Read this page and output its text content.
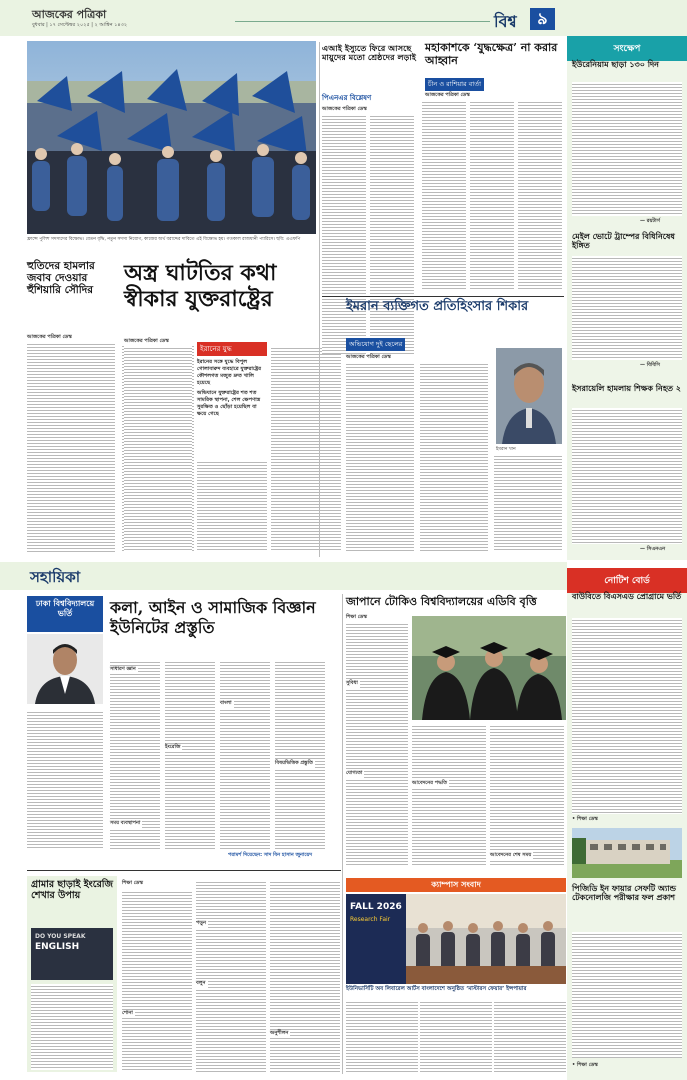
আজকের পত্রিকা
বুধবার | ১৭ সেপ্টেম্বর ২০২৫ | ২ আশ্বিন ১৪৩২	বিশ্ব	৯
ফ্রান্সে পুলিশ সদস্যদের বিক্ষোভ। বেতন বৃদ্ধি, নতুন সদস্য নিয়োগ, কাজের অর্থ বরাদ্দের দাবিতে এই বিক্ষোভ হয়। গতকাল রাজধানী প্যারিসে। ছবি: এএফপি
হুতিদের হামলার জবাব দেওয়ার হুঁশিয়ারি সৌদির
আজকের পত্রিকা ডেস্ক
অস্ত্র ঘাটতির কথা স্বীকার যুক্তরাষ্ট্রের
আজকের পত্রিকা ডেস্ক
ইরানের যুদ্ধ
ইরানের সঙ্গে যুদ্ধে বিপুল গোলাবারুদ ব্যবহারে যুক্তরাষ্ট্রের কৌশলগত মজুত দ্রুত খালি হয়েছে
অভিযানে যুক্তরাষ্ট্রের শত শত সামরিক স্থাপনা, শেল ক্ষেপণাস্ত্র সুরক্ষিত ও ছোঁড়া হয়েছিল বা ক্ষয়ে গেছে
এআই ইস্যুতে ফিরে আসছে মায়ুদের মতো শ্রেষ্ঠদের লড়াই
পিএনএর বিশ্লেষণ
আজকের পত্রিকা ডেস্ক
মহাকাশকে ‘যুদ্ধক্ষেত্র’ না করার আহ্বান
চীন ও রাশিয়ার বার্তা
আজকের পত্রিকা ডেস্ক
ইমরান ব্যক্তিগত প্রতিহিংসার শিকার
অভিযোগ দুই ছেলের
আজকের পত্রিকা ডেস্ক
ইমরান খান
সংক্ষেপ
ইউরেনিয়াম ছাড়া ১৩০ দিন
— রয়টার্স
মেইল ভোটে ট্রাম্পের বিধিনিষেধ ইঙ্গিত
— বিবিসি
ইসরায়েলি হামলায় শিক্ষক নিহত ২
— সিএনএন
সহায়িকা
ঢাকা বিশ্ববিদ্যালয়ে ভর্তি	কলা, আইন ও সামাজিক বিজ্ঞান ইউনিটের প্রস্তুতি
সাধারণ জ্ঞান
ইংরেজি
বাংলা
বিষয়ভিত্তিক প্রস্তুতি
সময় ব্যবস্থাপনা
পরামর্শ দিয়েছেন: সাদ বিন হাসান জুনায়েদ
জাপানে টোকিও বিশ্ববিদ্যালয়ের এডিবি বৃত্তি
শিক্ষা ডেস্ক
সুবিধা
যোগ্যতা
আবেদনের পদ্ধতি
আবেদনের শেষ সময়
ক্যাম্পাস সংবাদ
FALL 2026
Research Fair
ইউনিভার্সিটি অব লিবারেল আর্টস বাংলাদেশে অনুষ্ঠিত ‘মাস্টারস ফেয়ার’ ইন্সপায়ার
গ্রামার ছাড়াই ইংরেজি শেখার উপায়
DO YOU SPEAK
ENGLISH
শিক্ষা ডেস্ক
শোনা
পড়ুন
বলুন
অনুশীলন
নোটিশ বোর্ড
বাউবিতে বিএসএড প্রোগ্রামে ভর্তি
• শিক্ষা ডেস্ক
পিজিডি ইন ফায়ার সেফটি অ্যান্ড টেকনোলজি পরীক্ষার ফল প্রকাশ
• শিক্ষা ডেস্ক
